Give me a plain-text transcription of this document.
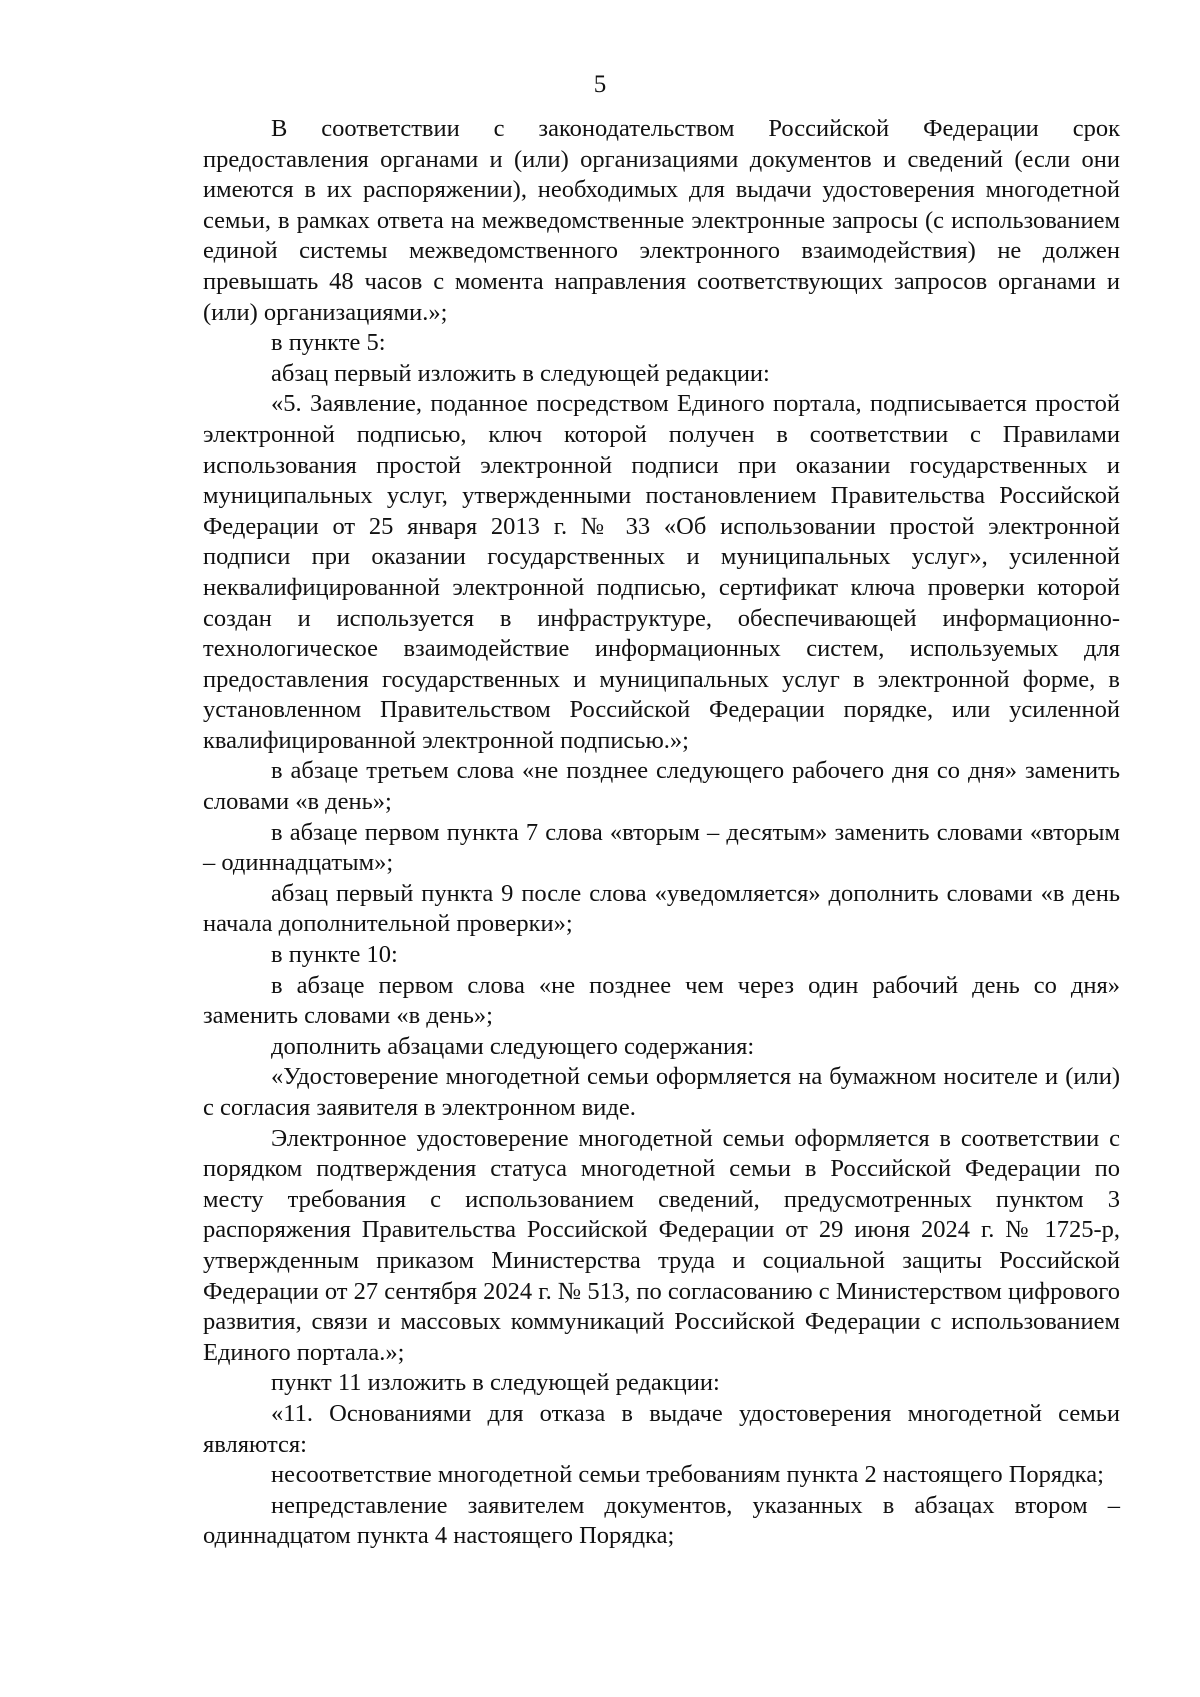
5

В соответствии с законодательством Российской Федерации срок предоставления органами и (или) организациями документов и сведений (если они имеются в их распоряжении), необходимых для выдачи удостоверения многодетной семьи, в рамках ответа на межведомственные электронные запросы (с использованием единой системы межведомственного электронного взаимодействия) не должен превышать 48 часов с момента направления соответствующих запросов органами и (или) организациями.»;

в пункте 5:

абзац первый изложить в следующей редакции:

«5. Заявление, поданное посредством Единого портала, подписывается простой электронной подписью, ключ которой получен в соответствии с Правилами использования простой электронной подписи при оказании государственных и муниципальных услуг, утвержденными постановлением Правительства Российской Федерации от 25 января 2013 г. № 33 «Об использовании простой электронной подписи при оказании государственных и муниципальных услуг», усиленной неквалифицированной электронной подписью, сертификат ключа проверки которой создан и используется в инфраструктуре, обеспечивающей информационно-технологическое взаимодействие информационных систем, используемых для предоставления государственных и муниципальных услуг в электронной форме, в установленном Правительством Российской Федерации порядке, или усиленной квалифицированной электронной подписью.»;

в абзаце третьем слова «не позднее следующего рабочего дня со дня» заменить словами «в день»;

в абзаце первом пункта 7 слова «вторым – десятым» заменить словами «вторым – одиннадцатым»;

абзац первый пункта 9 после слова «уведомляется» дополнить словами «в день начала дополнительной проверки»;

в пункте 10:

в абзаце первом слова «не позднее чем через один рабочий день со дня» заменить словами «в день»;

дополнить абзацами следующего содержания:

«Удостоверение многодетной семьи оформляется на бумажном носителе и (или) с согласия заявителя в электронном виде.

Электронное удостоверение многодетной семьи оформляется в соответствии с порядком подтверждения статуса многодетной семьи в Российской Федерации по месту требования с использованием сведений, предусмотренных пунктом 3 распоряжения Правительства Российской Федерации от 29 июня 2024 г. № 1725-р, утвержденным приказом Министерства труда и социальной защиты Российской Федерации от 27 сентября 2024 г. № 513, по согласованию с Министерством цифрового развития, связи и массовых коммуникаций Российской Федерации с использованием Единого портала.»;

пункт 11 изложить в следующей редакции:

«11. Основаниями для отказа в выдаче удостоверения многодетной семьи являются:

несоответствие многодетной семьи требованиям пункта 2 настоящего Порядка;

непредставление заявителем документов, указанных в абзацах втором – одиннадцатом пункта 4 настоящего Порядка;
